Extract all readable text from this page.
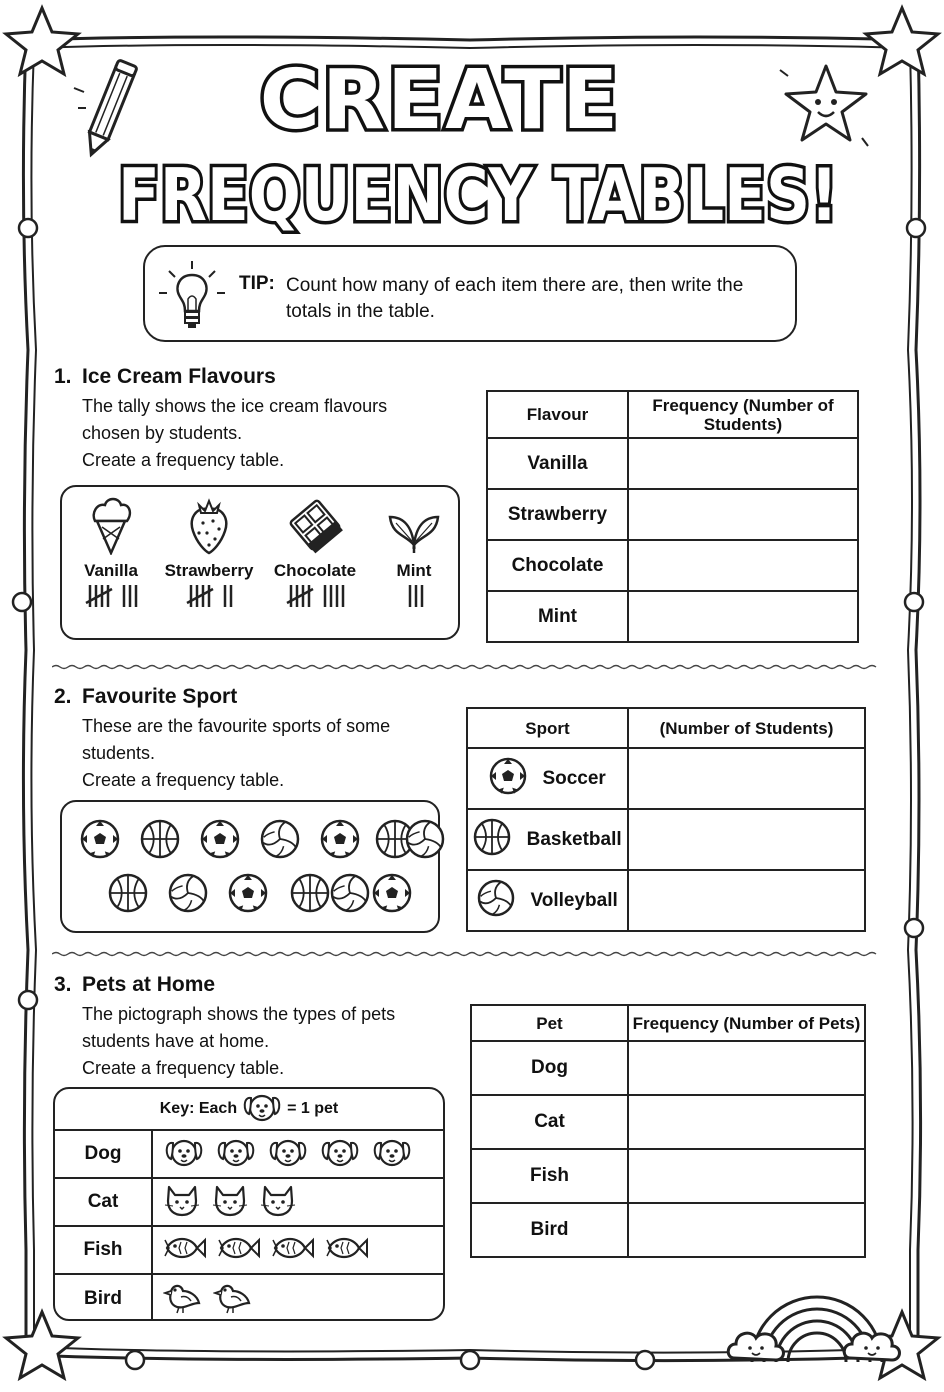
CREATE
FREQUENCY TABLES!
TIP: Count how many of each item there are, then write the totals in the table.
1. Ice Cream Flavours
The tally shows the ice cream flavours chosen by students.
Create a frequency table.
Vanilla	Strawberry	Chocolate	Mint
Flavour	Frequency (Number of Students)
Vanilla	
Strawberry	
Chocolate	
Mint	
2. Favourite Sport
These are the favourite sports of some students.
Create a frequency table.
Sport	(Number of Students)
Soccer	
Basketball	
Volleyball	
3. Pets at Home
The pictograph shows the types of pets students have at home.
Create a frequency table.
Key: Each	= 1 pet
Dog
Cat
Fish
Bird
Pet	Frequency (Number of Pets)
Dog	
Cat	
Fish	
Bird	
